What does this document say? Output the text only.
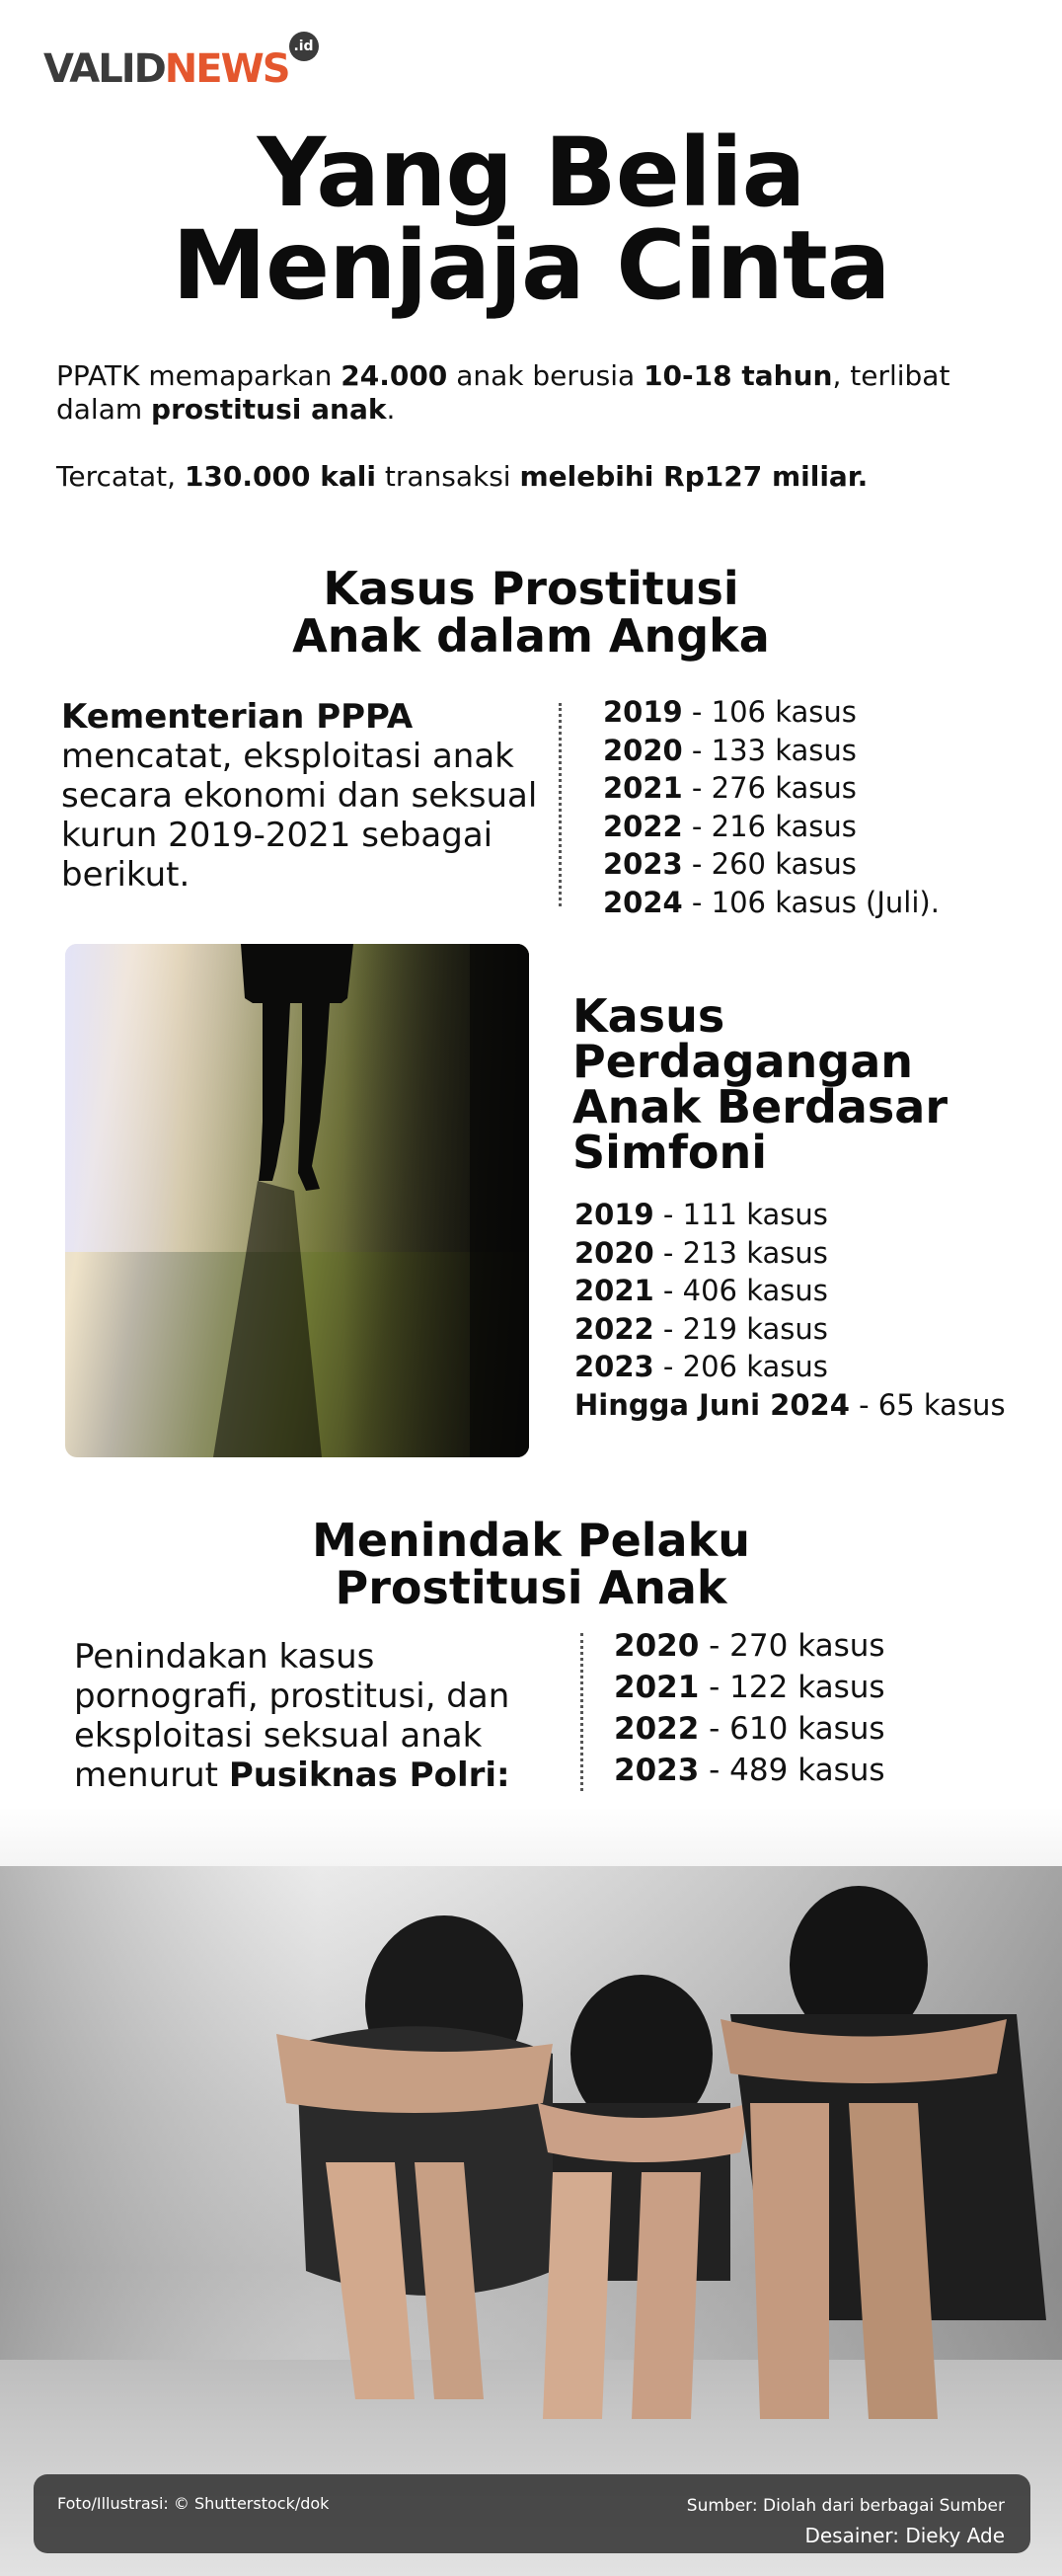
VALID NEWS .id
Yang Belia
Menjaja Cinta

PPATK memaparkan 24.000 anak berusia 10-18 tahun, terlibat dalam prostitusi anak.

Tercatat, 130.000 kali transaksi melebihi Rp127 miliar.

Kasus Prostitusi
Anak dalam Angka
Kementerian PPPA mencatat, eksploitasi anak secara ekonomi dan seksual kurun 2019-2021 sebagai berikut.
2019 - 106 kasus
2020 - 133 kasus
2021 - 276 kasus
2022 - 216 kasus
2023 - 260 kasus
2024 - 106 kasus (Juli).
Kasus
Perdagangan
Anak Berdasar
Simfoni
2019 - 111 kasus
2020 - 213 kasus
2021 - 406 kasus
2022 - 219 kasus
2023 - 206 kasus
Hingga Juni 2024 - 65 kasus
Menindak Pelaku
Prostitusi Anak
Penindakan kasus pornografi, prostitusi, dan eksploitasi seksual anak menurut Pusiknas Polri:
2020 - 270 kasus
2021 - 122 kasus
2022 - 610 kasus
2023 - 489 kasus
Foto/Illustrasi: © Shutterstock/dok	Sumber: Diolah dari berbagai Sumber
Desainer: Dieky Ade
